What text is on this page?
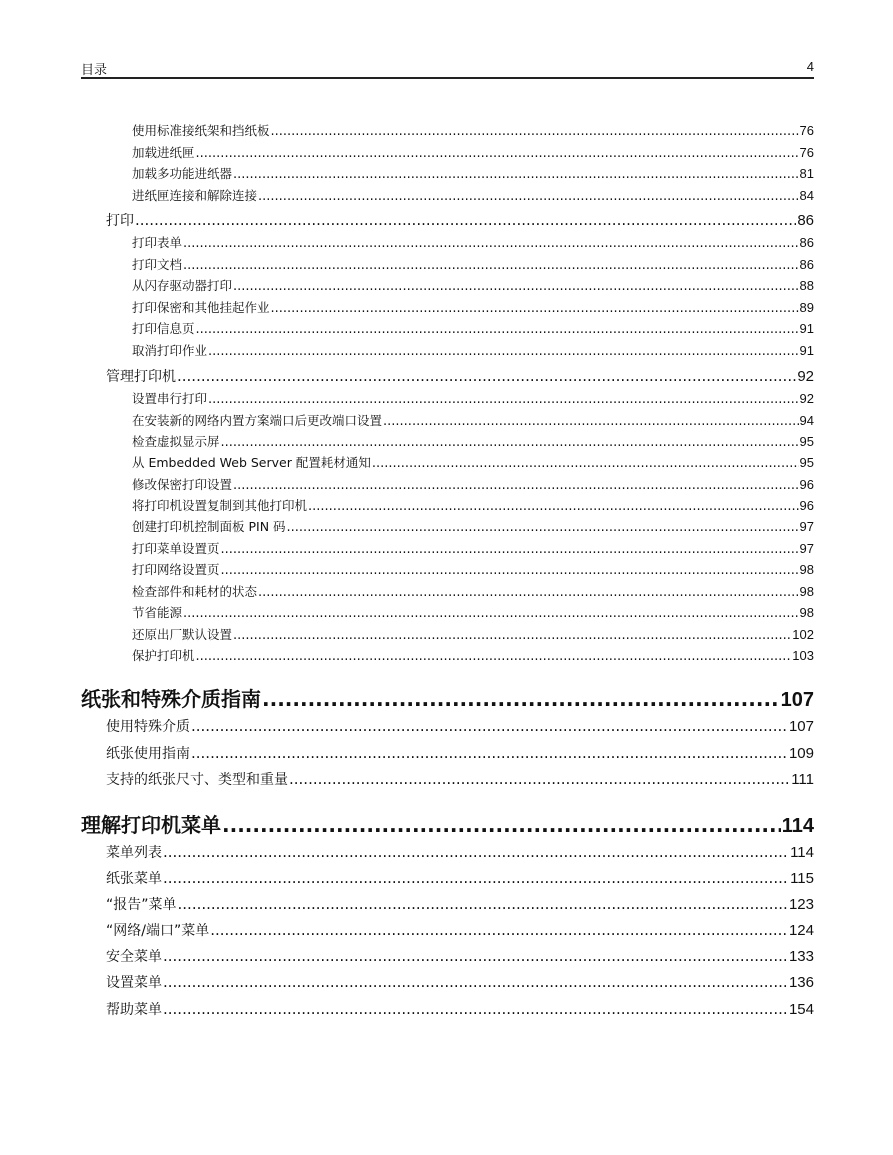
目录	4
使用标准接纸架和挡纸板 .....	76
加载进纸匣 .....	76
加载多功能进纸器 .....	81
进纸匣连接和解除连接 .....	84
打印 .....	86
打印表单 .....	86
打印文档 .....	86
从闪存驱动器打印 .....	88
打印保密和其他挂起作业 .....	89
打印信息页 .....	91
取消打印作业 .....	91
管理打印机 .....	92
设置串行打印 .....	92
在安装新的网络内置方案端口后更改端口设置 .....	94
检查虚拟显示屏 .....	95
从 Embedded Web Server 配置耗材通知 .....	95
修改保密打印设置 .....	96
将打印机设置复制到其他打印机 .....	96
创建打印机控制面板 PIN 码 .....	97
打印菜单设置页 .....	97
打印网络设置页 .....	98
检查部件和耗材的状态 .....	98
节省能源 .....	98
还原出厂默认设置 .....	102
保护打印机 .....	103
纸张和特殊介质指南 .....	107
使用特殊介质 .....	107
纸张使用指南 .....	109
支持的纸张尺寸、类型和重量 .....	111
理解打印机菜单 .....	114
菜单列表 .....	114
纸张菜单 .....	115
“报告”菜单 .....	123
“网络/端口”菜单 .....	124
安全菜单 .....	133
设置菜单 .....	136
帮助菜单 .....	154
